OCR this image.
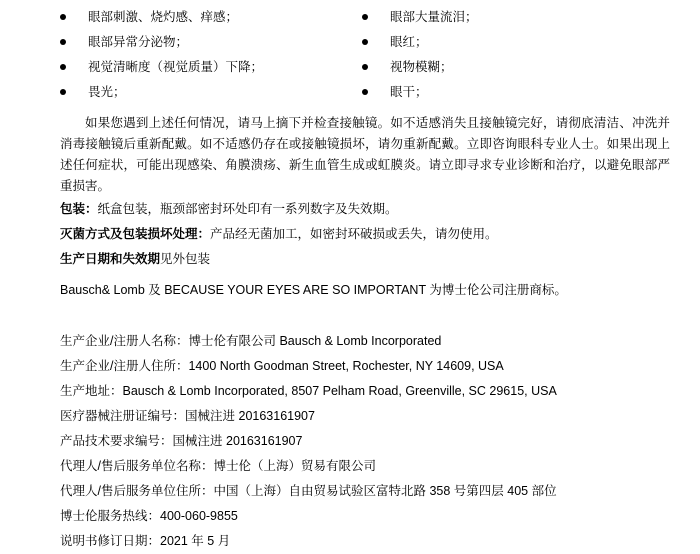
眼部刺激、烧灼感、痒感；	眼部大量流泪；
眼部异常分泌物；	眼红；
视觉清晰度（视觉质量）下降；	视物模糊；
畏光；	眼干；

如果您遇到上述任何情况，请马上摘下并检查接触镜。如不适感消失且接触镜完好，请彻底清洁、冲洗并消毒接触镜后重新配戴。如不适感仍存在或接触镜损坏，请勿重新配戴。立即咨询眼科专业人士。如果出现上述任何症状，可能出现感染、角膜溃疡、新生血管生成或虹膜炎。请立即寻求专业诊断和治疗，以避免眼部严重损害。

包装：纸盒包装，瓶颈部密封环处印有一系列数字及失效期。

灭菌方式及包装损坏处理：产品经无菌加工，如密封环破损或丢失，请勿使用。

生产日期和失效期见外包装

Bausch& Lomb 及 BECAUSE YOUR EYES ARE SO IMPORTANT 为博士伦公司注册商标。

生产企业/注册人名称：博士伦有限公司 Bausch & Lomb Incorporated

生产企业/注册人住所：1400 North Goodman Street, Rochester, NY 14609, USA

生产地址：Bausch & Lomb Incorporated, 8507 Pelham Road, Greenville, SC 29615, USA

医疗器械注册证编号：国械注进 20163161907

产品技术要求编号：国械注进 20163161907

代理人/售后服务单位名称：博士伦（上海）贸易有限公司

代理人/售后服务单位住所：中国（上海）自由贸易试验区富特北路 358 号第四层 405 部位

博士伦服务热线：400-060-9855

说明书修订日期：2021 年 5 月
